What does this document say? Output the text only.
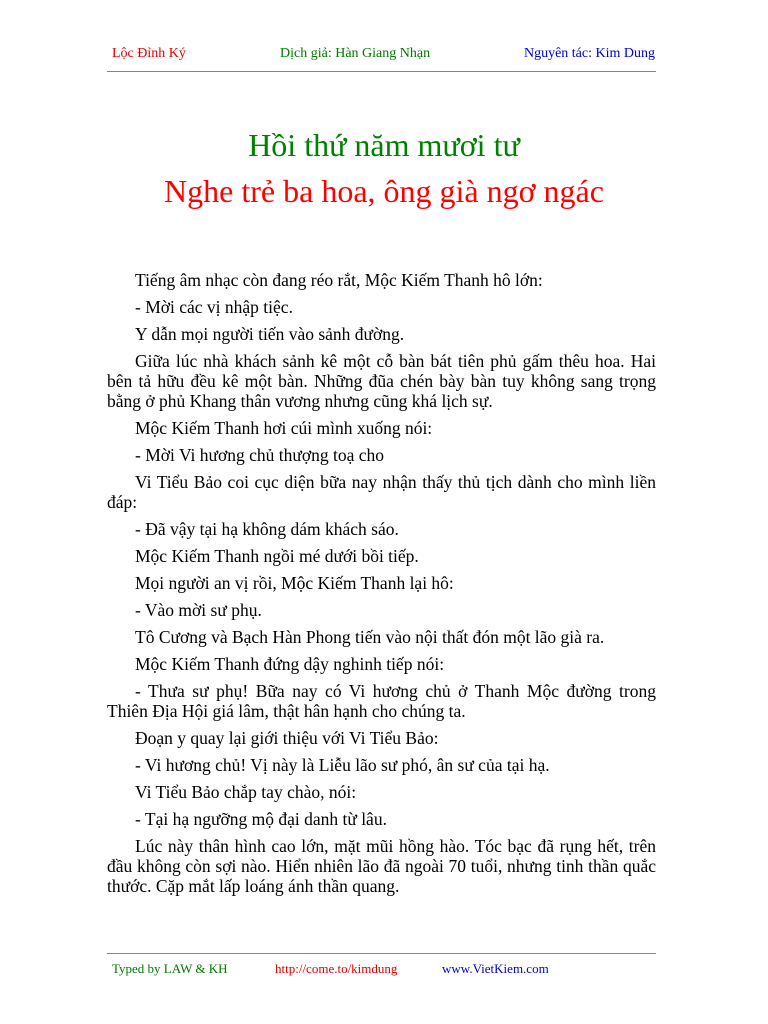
Lộc Đỉnh Ký	Dịch giả: Hàn Giang Nhạn	Nguyên tác: Kim Dung
Hồi thứ năm mươi tư
Nghe trẻ ba hoa, ông già ngơ ngác

Tiếng âm nhạc còn đang réo rắt, Mộc Kiếm Thanh hô lớn:

- Mời các vị nhập tiệc.

Y dẫn mọi người tiến vào sảnh đường.

Giữa lúc nhà khách sảnh kê một cỗ bàn bát tiên phủ gấm thêu hoa. Hai bên tả hữu đều kê một bàn. Những đũa chén bày bàn tuy không sang trọng bằng ở phủ Khang thân vương nhưng cũng khá lịch sự.

Mộc Kiếm Thanh hơi cúi mình xuống nói:

- Mời Vi hương chủ thượng toạ cho

Vi Tiểu Bảo coi cục diện bữa nay nhận thấy thủ tịch dành cho mình liền đáp:

- Đã vậy tại hạ không dám khách sáo.

Mộc Kiếm Thanh ngồi mé dưới bồi tiếp.

Mọi người an vị rồi, Mộc Kiếm Thanh lại hô:

- Vào mời sư phụ.

Tô Cương và Bạch Hàn Phong tiến vào nội thất đón một lão già ra.

Mộc Kiếm Thanh đứng dậy nghinh tiếp nói:

- Thưa sư phụ! Bữa nay có Vi hương chủ ở Thanh Mộc đường trong Thiên Địa Hội giá lâm, thật hân hạnh cho chúng ta.

Đoạn y quay lại giới thiệu với Vi Tiểu Bảo:

- Vi hương chủ! Vị này là Liễu lão sư phó, ân sư của tại hạ.

Vi Tiểu Bảo chắp tay chào, nói:

- Tại hạ ngưỡng mộ đại danh từ lâu.

Lúc này thân hình cao lớn, mặt mũi hồng hào. Tóc bạc đã rụng hết, trên đầu không còn sợi nào. Hiển nhiên lão đã ngoài 70 tuổi, nhưng tinh thần quắc thước. Cặp mắt lấp loáng ánh thần quang.

Typed by LAW & KH	http://come.to/kimdung	www.VietKiem.com
